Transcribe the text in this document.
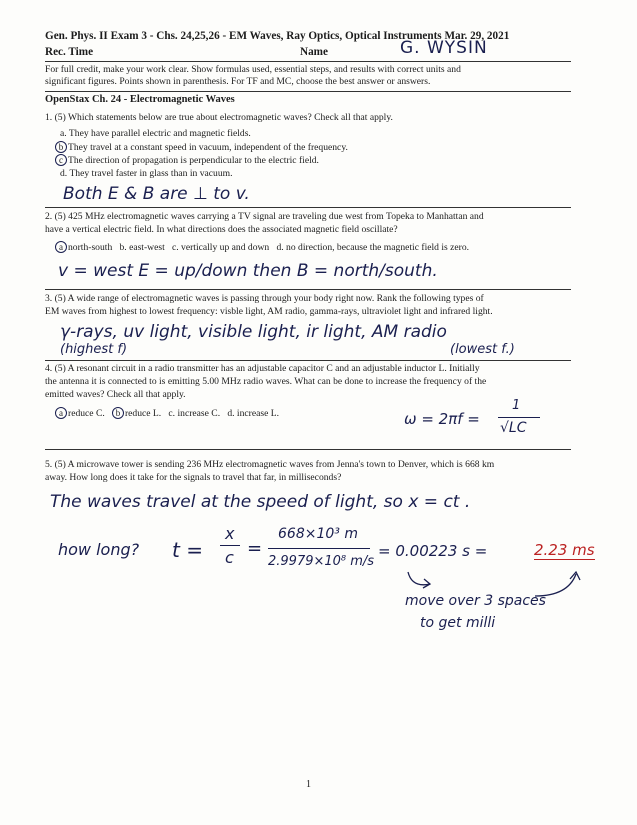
Gen. Phys. II Exam 3 - Chs. 24,25,26 - EM Waves, Ray Optics, Optical Instruments Mar. 29, 2021
Rec. Time	Name	G. WYSIN
For full credit, make your work clear. Show formulas used, essential steps, and results with correct units and
significant figures. Points shown in parenthesis. For TF and MC, choose the best answer or answers.
OpenStax Ch. 24 - Electromagnetic Waves
1. (5) Which statements below are true about electromagnetic waves? Check all that apply.
a. They have parallel electric and magnetic fields.
b They travel at a constant speed in vacuum, independent of the frequency.
c The direction of propagation is perpendicular to the electric field.
d. They travel faster in glass than in vacuum.
Both E & B are ⊥ to v.
2. (5) 425 MHz electromagnetic waves carrying a TV signal are traveling due west from Topeka to Manhattan and
have a vertical electric field. In what directions does the associated magnetic field oscillate?
a north-south b. east-west c. vertically up and down d. no direction, because the magnetic field is zero.
v = west E = up/down then B = north/south.
3. (5) A wide range of electromagnetic waves is passing through your body right now. Rank the following types of
EM waves from highest to lowest frequency: visble light, AM radio, gamma-rays, ultraviolet light and infrared light.
γ-rays, uv light, visible light, ir light, AM radio
(highest f)	(lowest f.)
4. (5) A resonant circuit in a radio transmitter has an adjustable capacitor C and an adjustable inductor L. Initially
the antenna it is connected to is emitting 5.00 MHz radio waves. What can be done to increase the frequency of the
emitted waves? Check all that apply.
a reduce C. b reduce L. c. increase C. d. increase L.	ω = 2πf =
1
√LC
5. (5) A microwave tower is sending 236 MHz electromagnetic waves from Jenna's town to Denver, which is 668 km
away. How long does it take for the signals to travel that far, in milliseconds?
The waves travel at the speed of light, so x = ct .
how long? t =
x
c =
668×10³ m
2.9979×10⁸ m/s
= 0.00223 s =	2.23 ms
move over 3 spaces
to get milli
1
